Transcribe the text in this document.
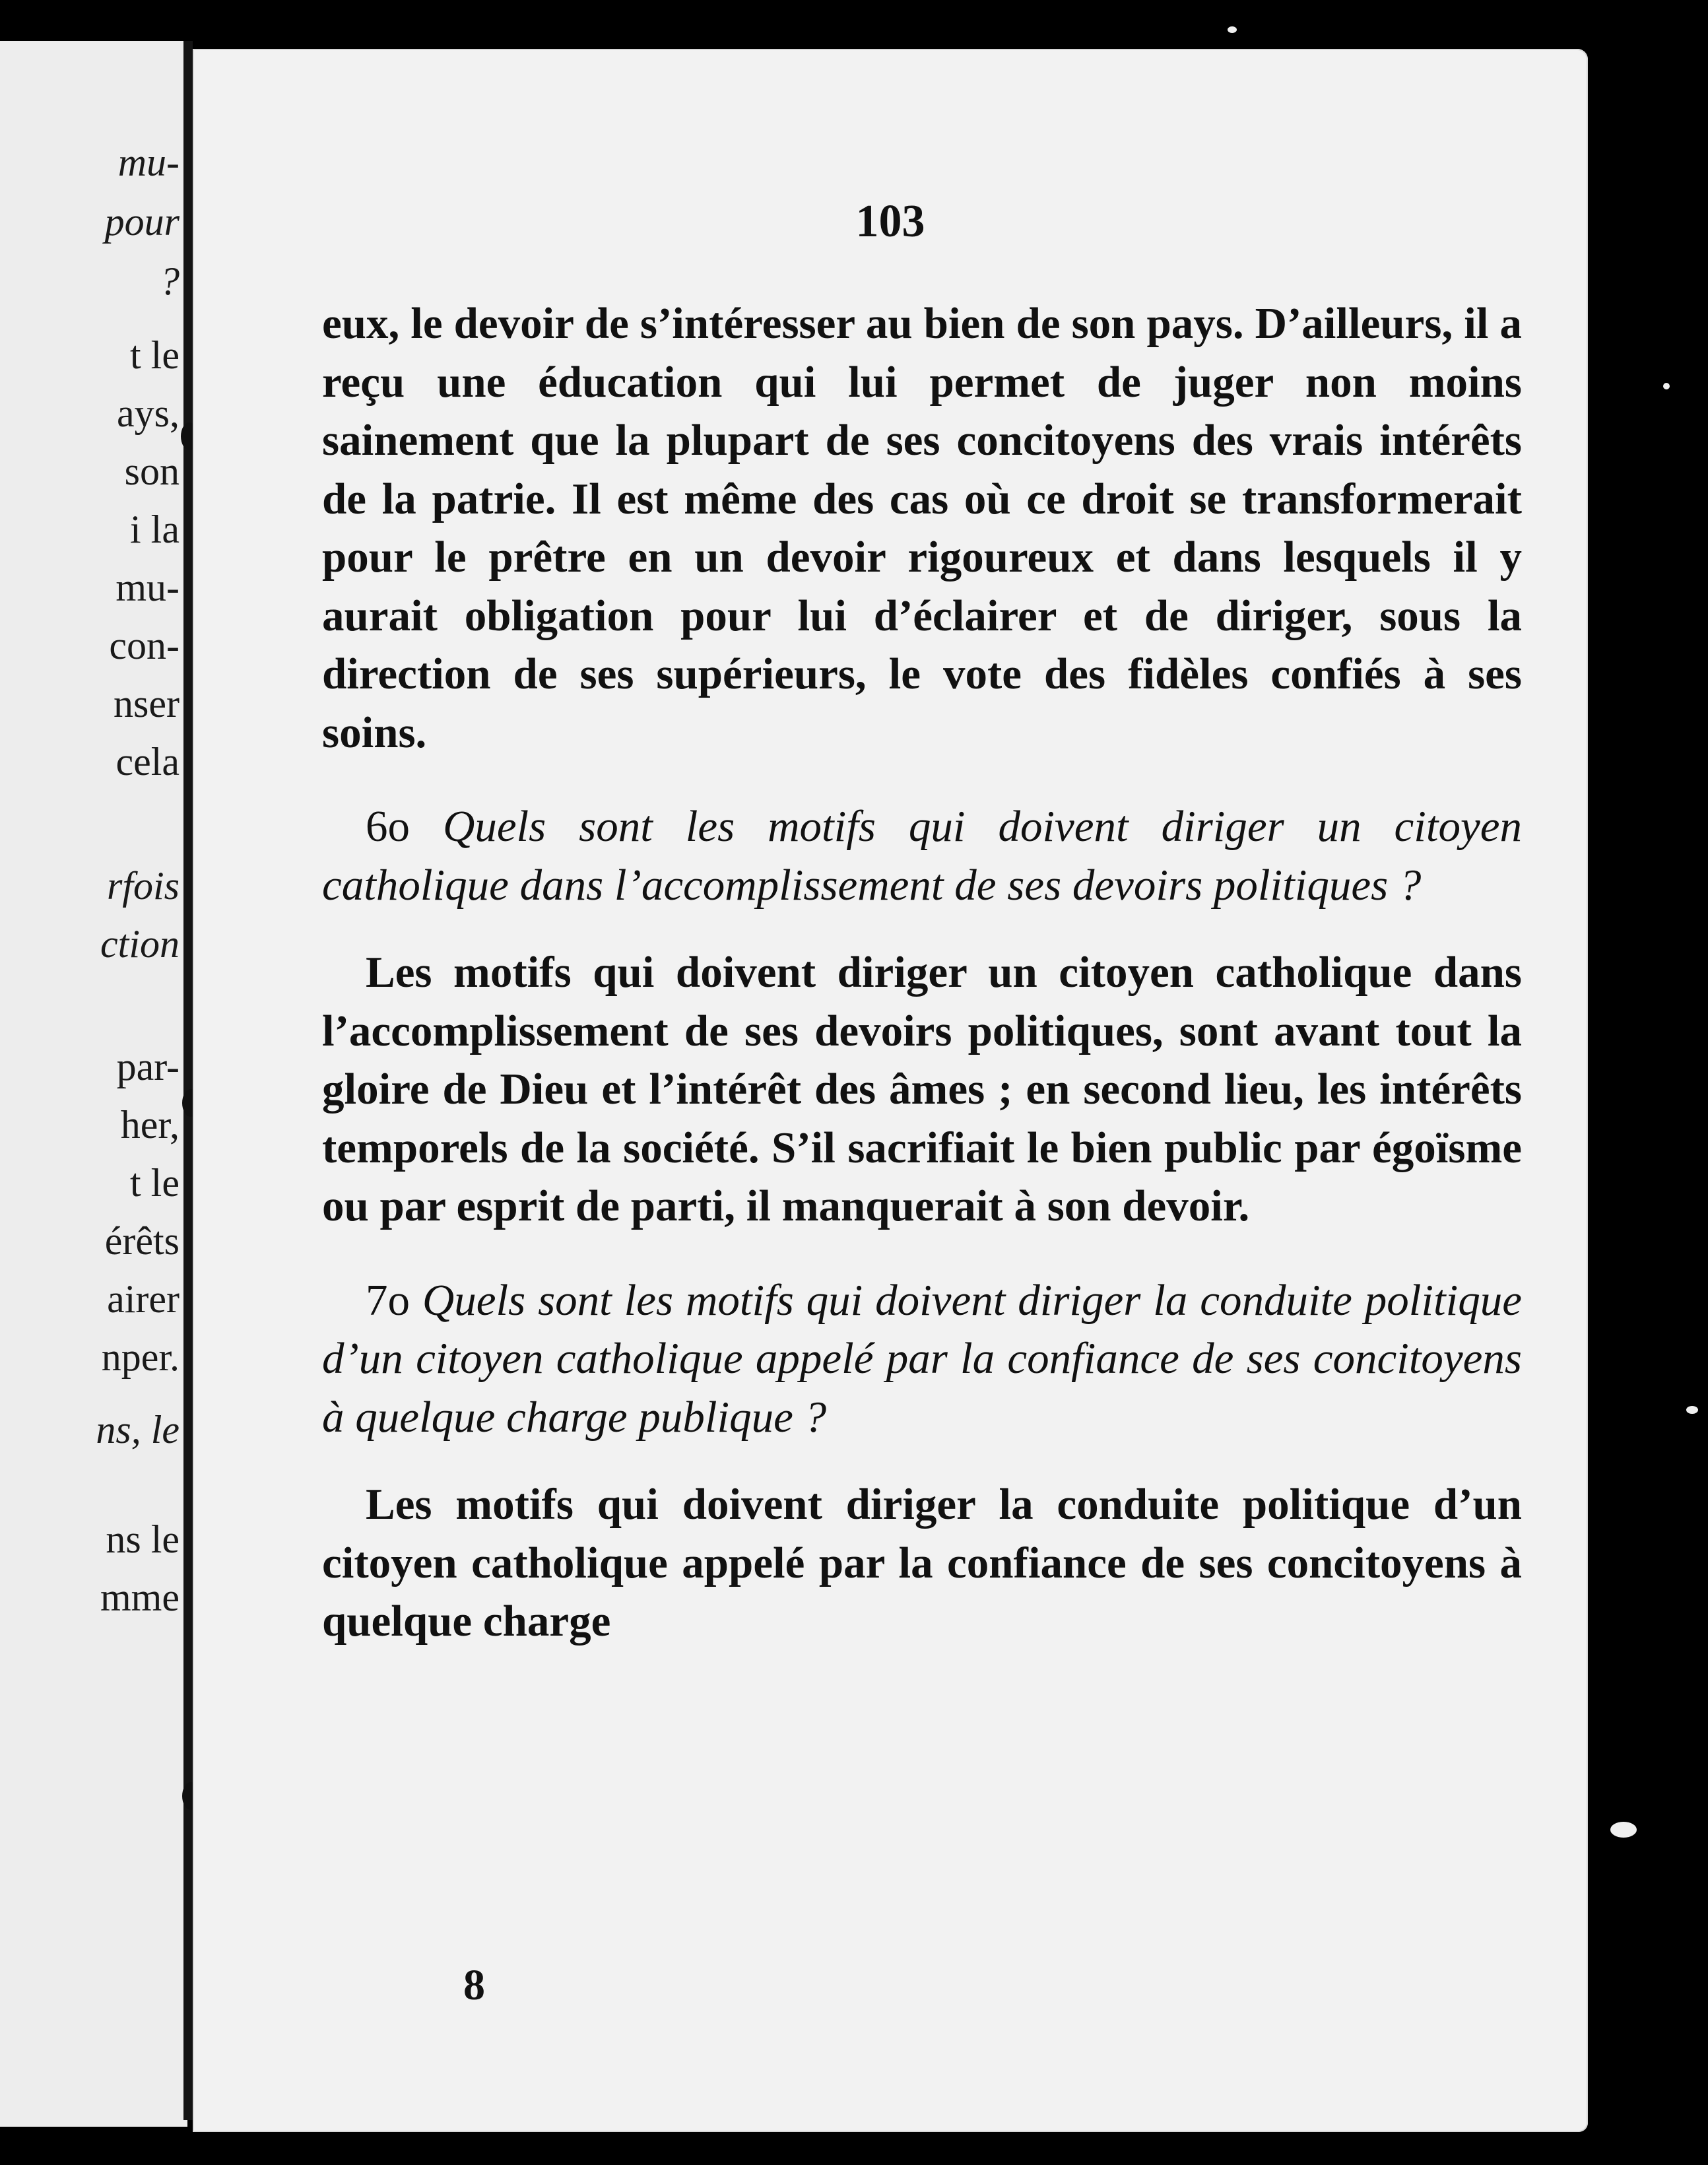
mu-
pour
?
t le
ays,
son
i la
mu-
con-
nser
cela
rfois
ction
par-
her,
t le
érêts
airer
nper.
ns, le
ns le
mme
103

eux, le devoir de s’intéresser au bien de son pays. D’ailleurs, il a reçu une éducation qui lui permet de juger non moins sainement que la plupart de ses concitoyens des vrais intérêts de la patrie. Il est même des cas où ce droit se transformerait pour le prêtre en un devoir rigoureux et dans lesquels il y aurait obligation pour lui d’éclairer et de diriger, sous la direction de ses supérieurs, le vote des fidèles confiés à ses soins.

6o Quels sont les motifs qui doivent diriger un citoyen catholique dans l’accomplissement de ses devoirs politiques ?

Les motifs qui doivent diriger un citoyen catholique dans l’accomplissement de ses devoirs politiques, sont avant tout la gloire de Dieu et l’intérêt des âmes ; en second lieu, les intérêts temporels de la société. S’il sacrifiait le bien public par égoïsme ou par esprit de parti, il manquerait à son devoir.

7o Quels sont les motifs qui doivent diriger la conduite politique d’un citoyen catholique appelé par la confiance de ses concitoyens à quelque charge publique ?

Les motifs qui doivent diriger la conduite politique d’un citoyen catholique appelé par la confiance de ses concitoyens à quelque charge

8
